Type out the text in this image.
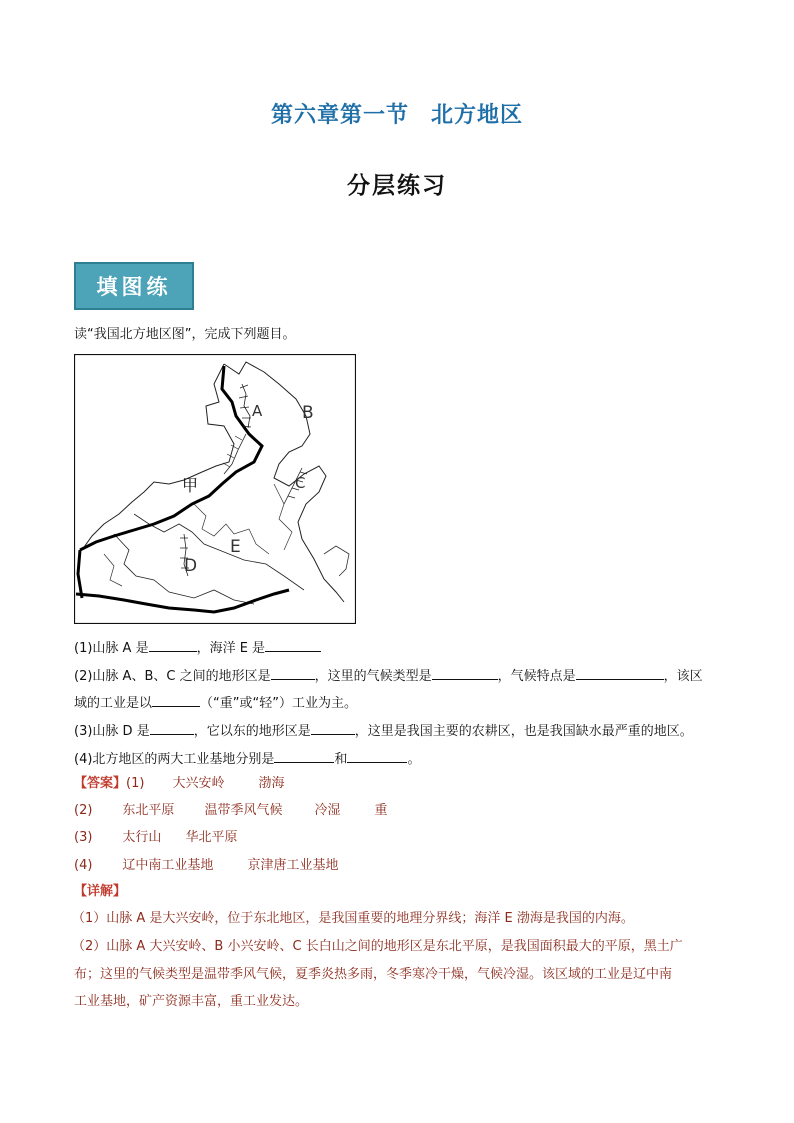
第六章第一节 北方地区
分层练习
填图练
读“我国北方地区图”，完成下列题目。
A B
C
D
E
甲
(1)山脉 A 是	，海洋 E 是
(2)山脉 A、B、C 之间的地形区是	，这里的气候类型是	，气候特点是	，该区
域的工业是以	（“重”或“轻”）工业为主。
(3)山脉 D 是	，它以东的地形区是	，这里是我国主要的农耕区，也是我国缺水最严重的地区。
(4)北方地区的两大工业基地分别是	和	。
【答案】(1) 大兴安岭	渤海
(2) 东北平原 温带季风气候 冷湿	重
(3) 太行山 华北平原
(4) 辽中南工业基地	京津唐工业基地
【详解】
（1）山脉 A 是大兴安岭，位于东北地区，是我国重要的地理分界线；海洋 E 渤海是我国的内海。
（2）山脉 A 大兴安岭、B 小兴安岭、C 长白山之间的地形区是东北平原，是我国面积最大的平原，黑土广
布；这里的气候类型是温带季风气候，夏季炎热多雨，冬季寒冷干燥，气候冷湿。该区域的工业是辽中南
工业基地，矿产资源丰富，重工业发达。
